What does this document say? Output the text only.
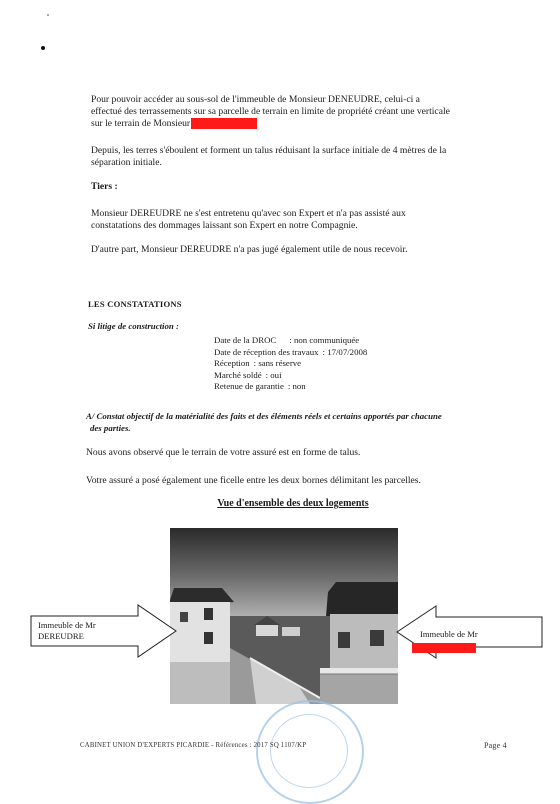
Pour pouvoir accéder au sous-sol de l'immeuble de Monsieur DENEUDRE, celui-ci a
effectué des terrassements sur sa parcelle de terrain en limite de propriété créant une verticale
sur le terrain de Monsieur
Depuis, les terres s'éboulent et forment un talus réduisant la surface initiale de 4 mètres de la
séparation initiale.
Tiers :
Monsieur DEREUDRE ne s'est entretenu qu'avec son Expert et n'a pas assisté aux
constatations des dommages laissant son Expert en notre Compagnie.
D'autre part, Monsieur DEREUDRE n'a pas jugé également utile de nous recevoir.
LES CONSTATATIONS
Si litige de construction :
Date de la DROC : non communiquée
Date de réception des travaux : 17/07/2008
Réception : sans réserve
Marché soldé : oui
Retenue de garantie : non
A/ Constat objectif de la matérialité des faits et des éléments réels et certains apportés par chacune
des parties.
Nous avons observé que le terrain de votre assuré est en forme de talus.
Votre assuré a posé également une ficelle entre les deux bornes délimitant les parcelles.
Vue d'ensemble des deux logements
Immeuble de Mr
DEREUDRE	Immeuble de Mr
CABINET UNION D'EXPERTS PICARDIE - Références : 2017 SQ 1107/KP	Page 4
